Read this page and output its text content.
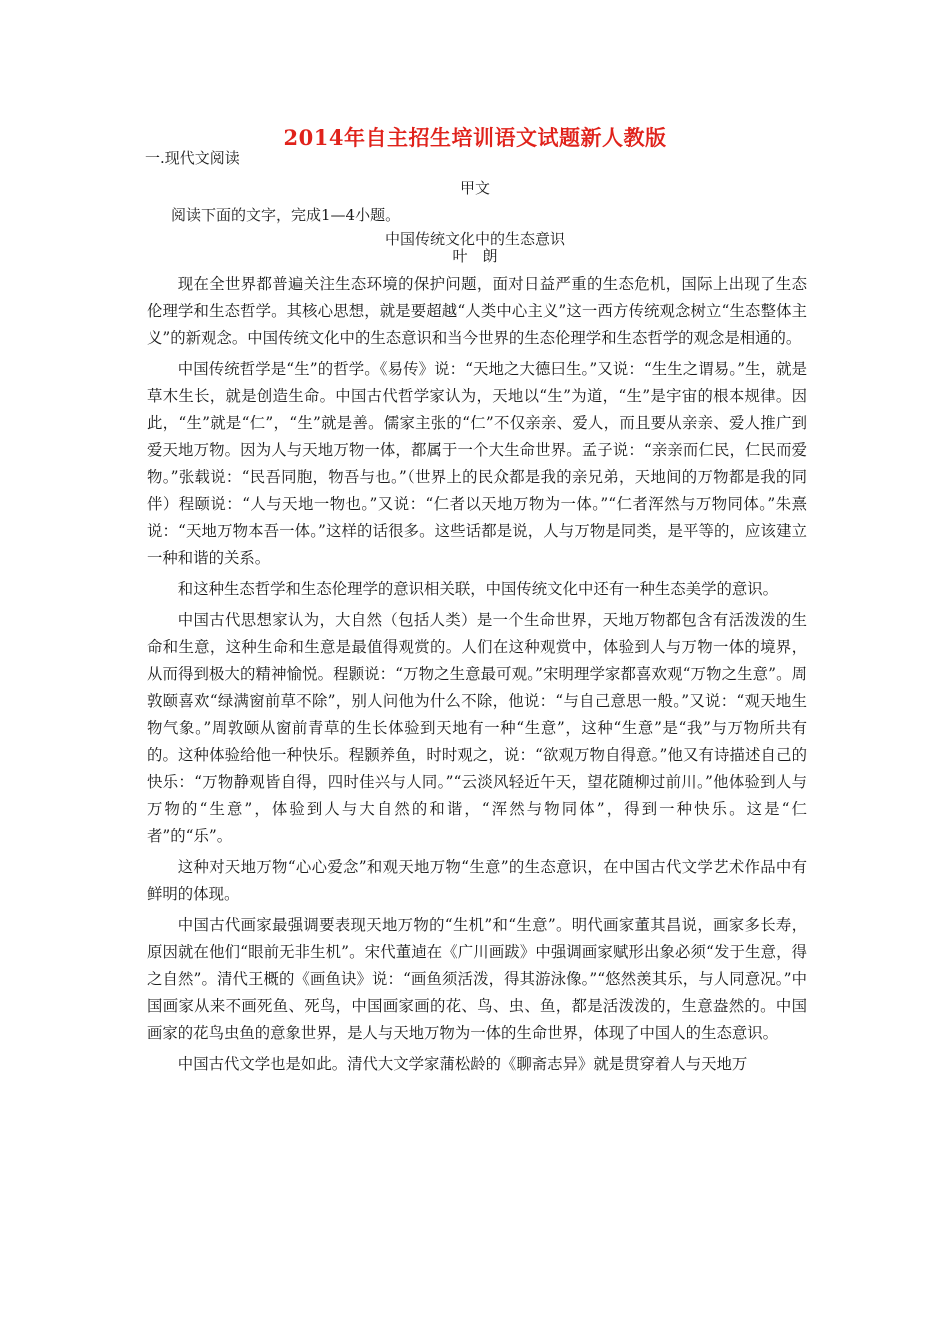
2014年自主招生培训语文试题新人教版
一.现代文阅读
甲文
阅读下面的文字，完成1—4小题。
中国传统文化中的生态意识
叶　朗

现在全世界都普遍关注生态环境的保护问题，面对日益严重的生态危机，国际上出现了生态伦理学和生态哲学。其核心思想，就是要超越“人类中心主义”这一西方传统观念树立“生态整体主义”的新观念。中国传统文化中的生态意识和当今世界的生态伦理学和生态哲学的观念是相通的。

中国传统哲学是“生”的哲学。《易传》说：“天地之大德曰生。”又说：“生生之谓易。”生，就是草木生长，就是创造生命。中国古代哲学家认为，天地以“生”为道，“生”是宇宙的根本规律。因此，“生”就是“仁”，“生”就是善。儒家主张的“仁”不仅亲亲、爱人，而且要从亲亲、爱人推广到爱天地万物。因为人与天地万物一体，都属于一个大生命世界。孟子说：“亲亲而仁民，仁民而爱物。”张载说：“民吾同胞，物吾与也。”（世界上的民众都是我的亲兄弟，天地间的万物都是我的同伴）程颐说：“人与天地一物也。”又说：“仁者以天地万物为一体。”“仁者浑然与万物同体。”朱熹说：“天地万物本吾一体。”这样的话很多。这些话都是说，人与万物是同类，是平等的，应该建立一种和谐的关系。

和这种生态哲学和生态伦理学的意识相关联，中国传统文化中还有一种生态美学的意识。

中国古代思想家认为，大自然（包括人类）是一个生命世界，天地万物都包含有活泼泼的生命和生意，这种生命和生意是最值得观赏的。人们在这种观赏中，体验到人与万物一体的境界，从而得到极大的精神愉悦。程颢说：“万物之生意最可观。”宋明理学家都喜欢观“万物之生意”。周敦颐喜欢“绿满窗前草不除”，别人问他为什么不除，他说：“与自己意思一般。”又说：“观天地生物气象。”周敦颐从窗前青草的生长体验到天地有一种“生意”，这种“生意”是“我”与万物所共有的。这种体验给他一种快乐。程颢养鱼，时时观之，说：“欲观万物自得意。”他又有诗描述自己的快乐：“万物静观皆自得，四时佳兴与人同。”“云淡风轻近午天，望花随柳过前川。”他体验到人与万物的“生意”，体验到人与大自然的和谐，“浑然与物同体”，得到一种快乐。这是“仁者”的“乐”。

这种对天地万物“心心爱念”和观天地万物“生意”的生态意识，在中国古代文学艺术作品中有鲜明的体现。

中国古代画家最强调要表现天地万物的“生机”和“生意”。明代画家董其昌说，画家多长寿，原因就在他们“眼前无非生机”。宋代董逌在《广川画跋》中强调画家赋形出象必须“发于生意，得之自然”。清代王概的《画鱼诀》说：“画鱼须活泼，得其游泳像。”“悠然羡其乐，与人同意况。”中国画家从来不画死鱼、死鸟，中国画家画的花、鸟、虫、鱼，都是活泼泼的，生意盎然的。中国画家的花鸟虫鱼的意象世界，是人与天地万物为一体的生命世界，体现了中国人的生态意识。

中国古代文学也是如此。清代大文学家蒲松龄的《聊斋志异》就是贯穿着人与天地万
